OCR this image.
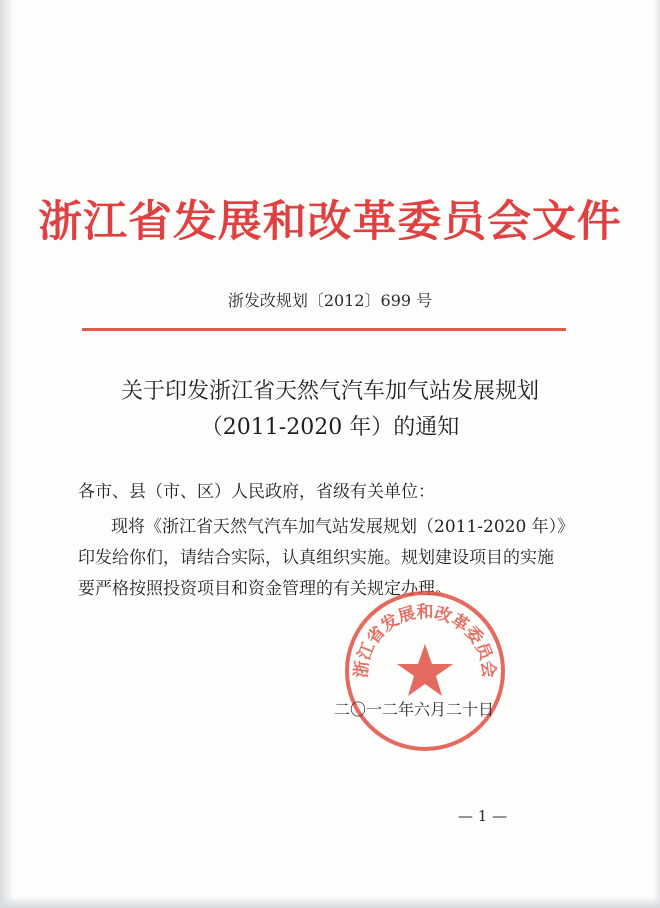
浙江省发展和改革委员会文件
浙发改规划〔2012〕699 号
关于印发浙江省天然气汽车加气站发展规划
（2011-2020 年）的通知
各市、县（市、区）人民政府，省级有关单位：
现将《浙江省天然气汽车加气站发展规划（2011-2020 年）》
印发给你们，请结合实际，认真组织实施。规划建设项目的实施
要严格按照投资项目和资金管理的有关规定办理。
浙江省发展和改革委员会
二〇一二年六月二十日
— 1 —
